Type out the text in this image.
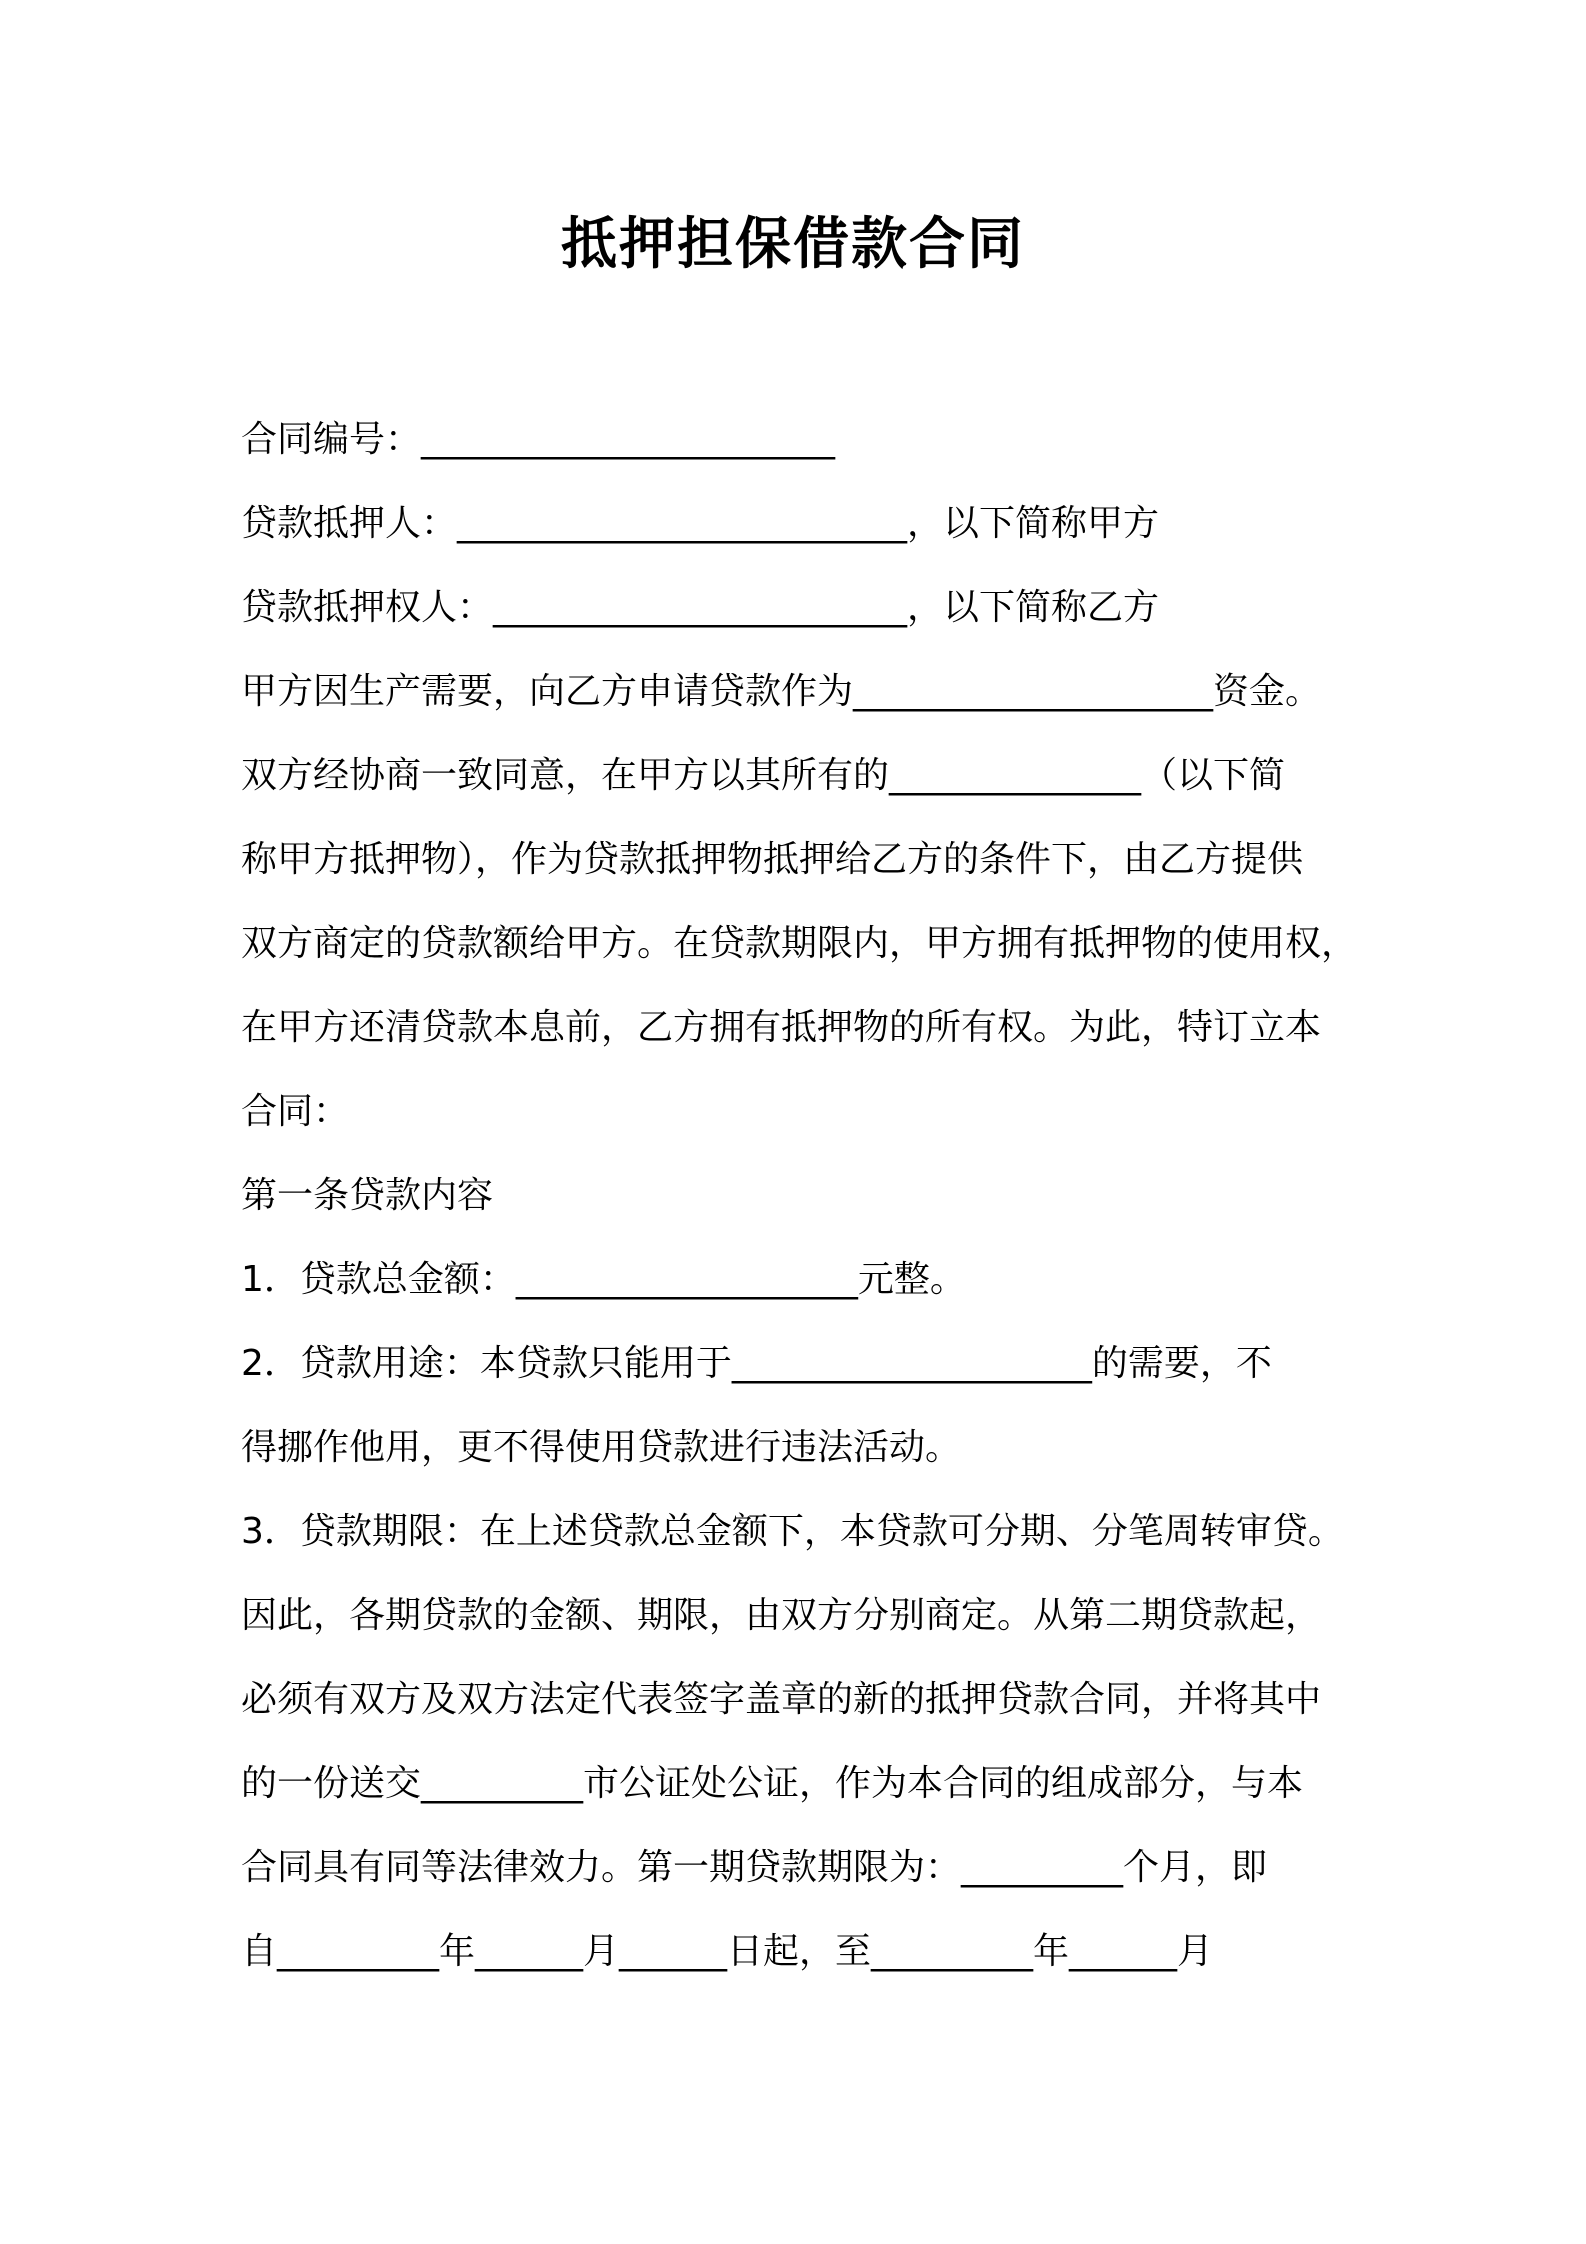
抵押担保借款合同
合同编号：_______________________
贷款抵押人：_________________________，以下简称甲方
贷款抵押权人：_______________________，以下简称乙方
甲方因生产需要，向乙方申请贷款作为____________________资金。
双方经协商一致同意，在甲方以其所有的______________（以下简
称甲方抵押物），作为贷款抵押物抵押给乙方的条件下，由乙方提供
双方商定的贷款额给甲方。在贷款期限内，甲方拥有抵押物的使用权，
在甲方还清贷款本息前，乙方拥有抵押物的所有权。为此，特订立本
合同：
第一条贷款内容
1．贷款总金额：___________________元整。
2．贷款用途：本贷款只能用于____________________的需要，不
得挪作他用，更不得使用贷款进行违法活动。
3．贷款期限：在上述贷款总金额下，本贷款可分期、分笔周转审贷。
因此，各期贷款的金额、期限，由双方分别商定。从第二期贷款起，
必须有双方及双方法定代表签字盖章的新的抵押贷款合同，并将其中
的一份送交_________市公证处公证，作为本合同的组成部分，与本
合同具有同等法律效力。第一期贷款期限为：_________个月，即
自_________年______月______日起，至_________年______月
